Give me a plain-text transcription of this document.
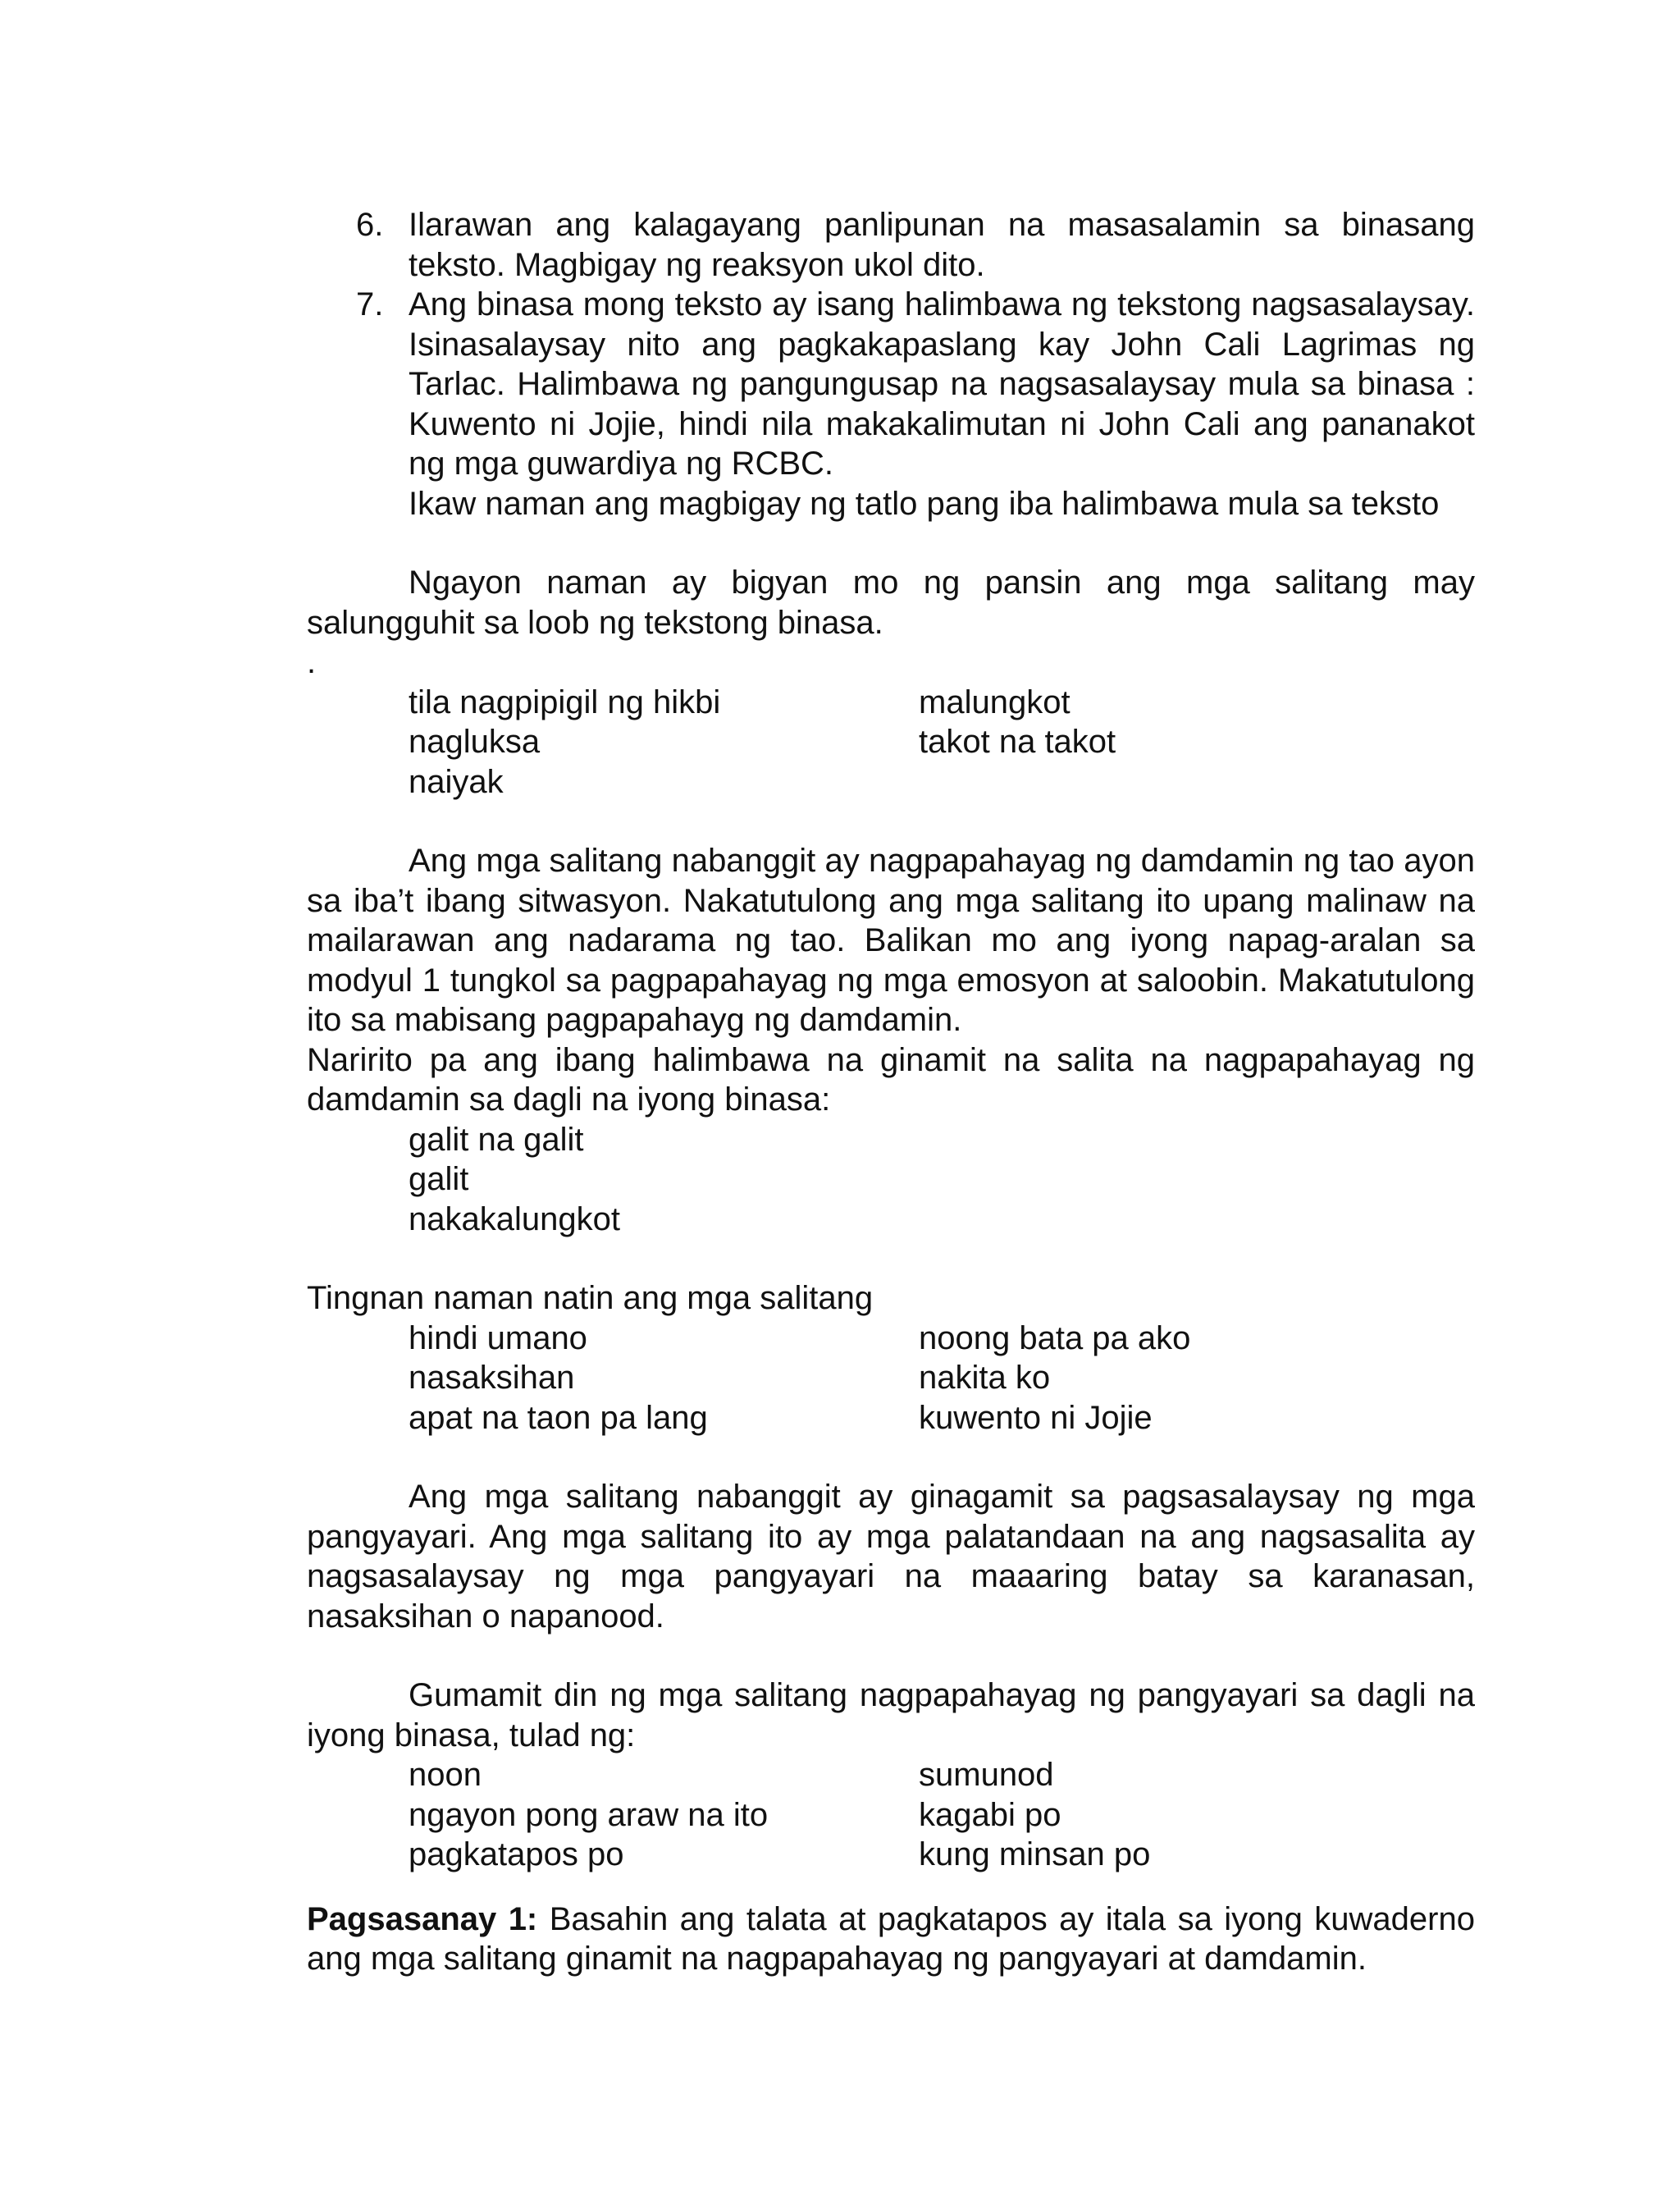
6. Ilarawan ang kalagayang panlipunan na masasalamin sa binasang teksto. Magbigay ng reaksyon ukol dito.
7. Ang binasa mong teksto ay isang halimbawa ng tekstong nagsasalaysay. Isinasalaysay nito ang pagkakapaslang kay John Cali Lagrimas ng Tarlac. Halimbawa ng pangungusap na nagsasalaysay mula sa binasa : Kuwento ni Jojie, hindi nila makakalimutan ni John Cali ang pananakot ng mga guwardiya ng RCBC.

Ikaw naman ang magbigay ng tatlo pang iba halimbawa mula sa teksto

Ngayon naman ay bigyan mo ng pansin ang mga salitang may salungguhit sa loob ng tekstong binasa.

.

tila nagpipigil ng hikbi
nagluksa
naiyak
malungkot
takot na takot

Ang mga salitang nabanggit ay nagpapahayag ng damdamin ng tao ayon sa iba’t ibang sitwasyon. Nakatutulong ang mga salitang ito upang malinaw na mailarawan ang nadarama ng tao. Balikan mo ang iyong napag-aralan sa modyul 1 tungkol sa pagpapahayag ng mga emosyon at saloobin. Makatutulong ito sa mabisang pagpapahayg ng damdamin.

Naririto pa ang ibang halimbawa na ginamit na salita na nagpapahayag ng damdamin sa dagli na iyong binasa:

galit na galit
galit
nakakalungkot

Tingnan naman natin ang mga salitang

hindi umano
nasaksihan
apat na taon pa lang
noong bata pa ako
nakita ko
kuwento ni Jojie

Ang mga salitang nabanggit ay ginagamit sa pagsasalaysay ng mga pangyayari. Ang mga salitang ito ay mga palatandaan na ang nagsasalita ay nagsasalaysay ng mga pangyayari na maaaring batay sa karanasan, nasaksihan o napanood.

Gumamit din ng mga salitang nagpapahayag ng pangyayari sa dagli na iyong binasa, tulad ng:

noon
ngayon pong araw na ito
pagkatapos po
sumunod
kagabi po
kung minsan po

Pagsasanay 1: Basahin ang talata at pagkatapos ay itala sa iyong kuwaderno ang mga salitang ginamit na nagpapahayag ng pangyayari at damdamin.
